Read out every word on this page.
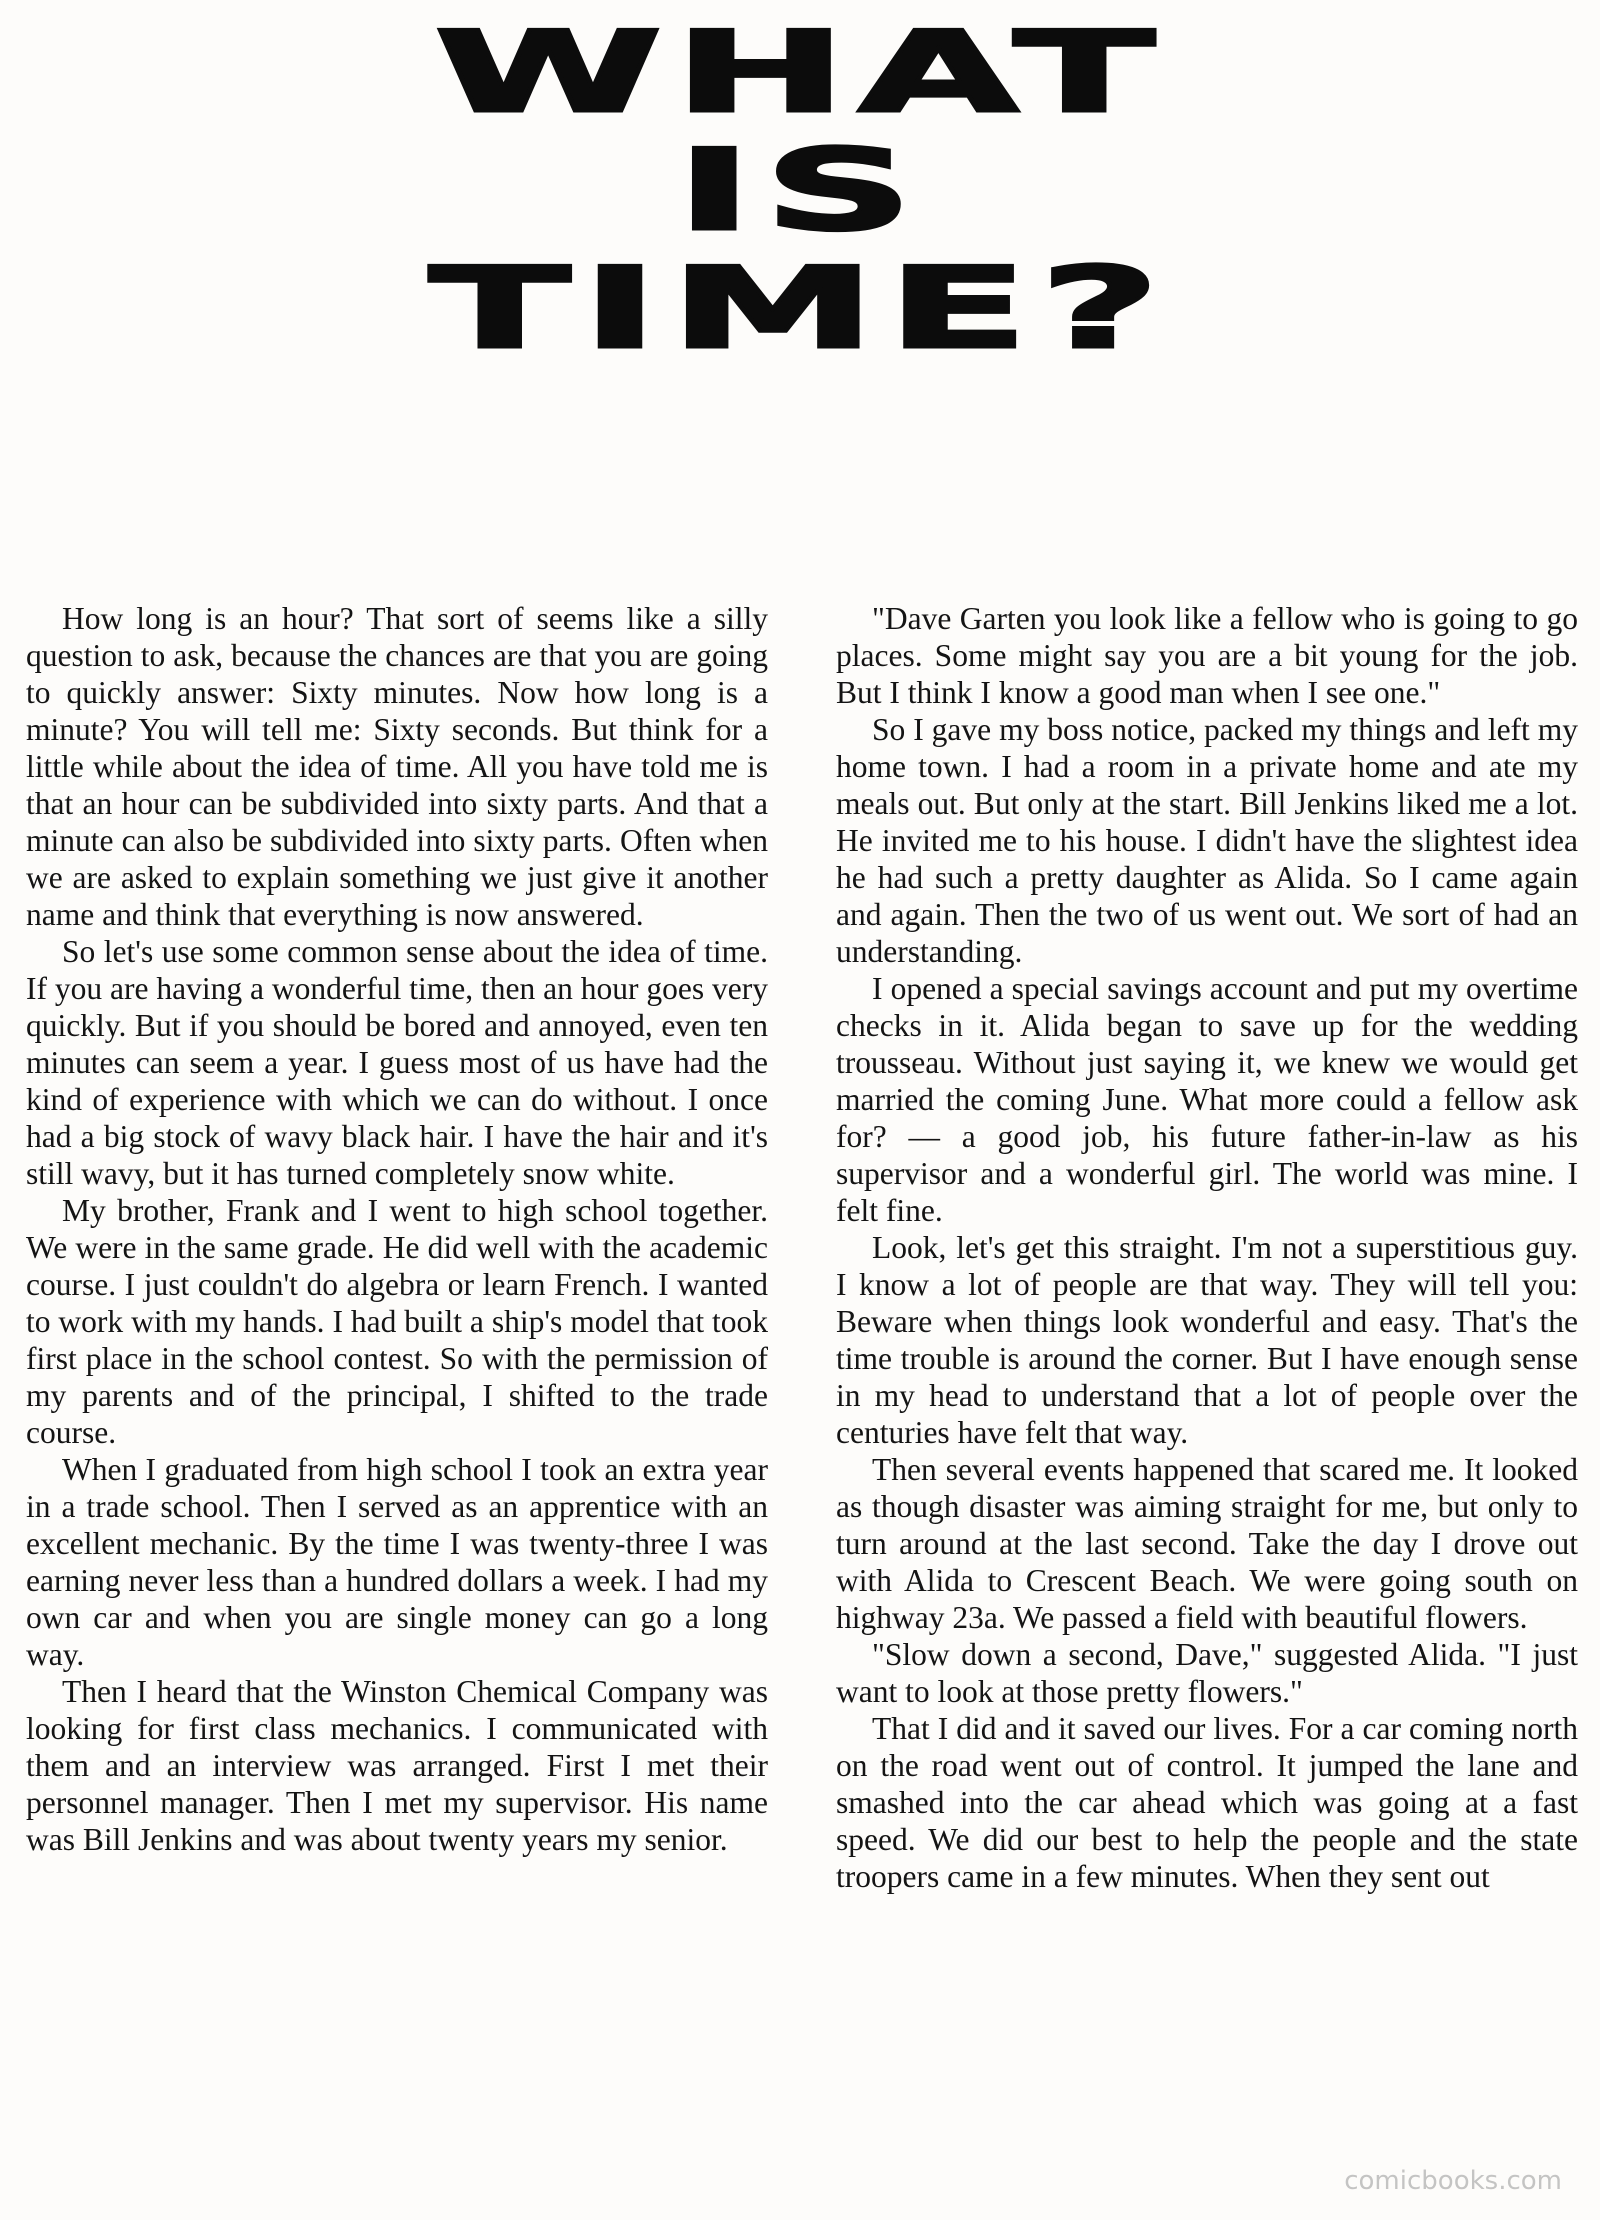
WHAT
IS
TIME?

How long is an hour? That sort of seems like a silly question to ask, because the chances are that you are going to quickly answer: Sixty minutes. Now how long is a minute? You will tell me: Sixty seconds. But think for a little while about the idea of time. All you have told me is that an hour can be subdivided into sixty parts. And that a minute can also be subdivided into sixty parts. Often when we are asked to explain something we just give it another name and think that everything is now answered.

So let's use some common sense about the idea of time. If you are having a wonderful time, then an hour goes very quickly. But if you should be bored and annoyed, even ten minutes can seem a year. I guess most of us have had the kind of experience with which we can do without. I once had a big stock of wavy black hair. I have the hair and it's still wavy, but it has turned completely snow white.

My brother, Frank and I went to high school together. We were in the same grade. He did well with the academic course. I just couldn't do algebra or learn French. I wanted to work with my hands. I had built a ship's model that took first place in the school contest. So with the permission of my parents and of the principal, I shifted to the trade course.

When I graduated from high school I took an extra year in a trade school. Then I served as an apprentice with an excellent mechanic. By the time I was twenty-three I was earning never less than a hundred dollars a week. I had my own car and when you are single money can go a long way.

Then I heard that the Winston Chemical Company was looking for first class mechanics. I communicated with them and an interview was arranged. First I met their personnel manager. Then I met my supervisor. His name was Bill Jenkins and was about twenty years my senior.

"Dave Garten you look like a fellow who is going to go places. Some might say you are a bit young for the job. But I think I know a good man when I see one."

So I gave my boss notice, packed my things and left my home town. I had a room in a private home and ate my meals out. But only at the start. Bill Jenkins liked me a lot. He invited me to his house. I didn't have the slightest idea he had such a pretty daughter as Alida. So I came again and again. Then the two of us went out. We sort of had an understanding.

I opened a special savings account and put my overtime checks in it. Alida began to save up for the wedding trousseau. Without just saying it, we knew we would get married the coming June. What more could a fellow ask for? — a good job, his future father-in-law as his supervisor and a wonderful girl. The world was mine. I felt fine.

Look, let's get this straight. I'm not a superstitious guy. I know a lot of people are that way. They will tell you: Beware when things look wonderful and easy. That's the time trouble is around the corner. But I have enough sense in my head to understand that a lot of people over the centuries have felt that way.

Then several events happened that scared me. It looked as though disaster was aiming straight for me, but only to turn around at the last second. Take the day I drove out with Alida to Crescent Beach. We were going south on highway 23a. We passed a field with beautiful flowers.

"Slow down a second, Dave," suggested Alida. "I just want to look at those pretty flowers."

That I did and it saved our lives. For a car coming north on the road went out of control. It jumped the lane and smashed into the car ahead which was going at a fast speed. We did our best to help the people and the state troopers came in a few minutes. When they sent out

comicbooks.com
